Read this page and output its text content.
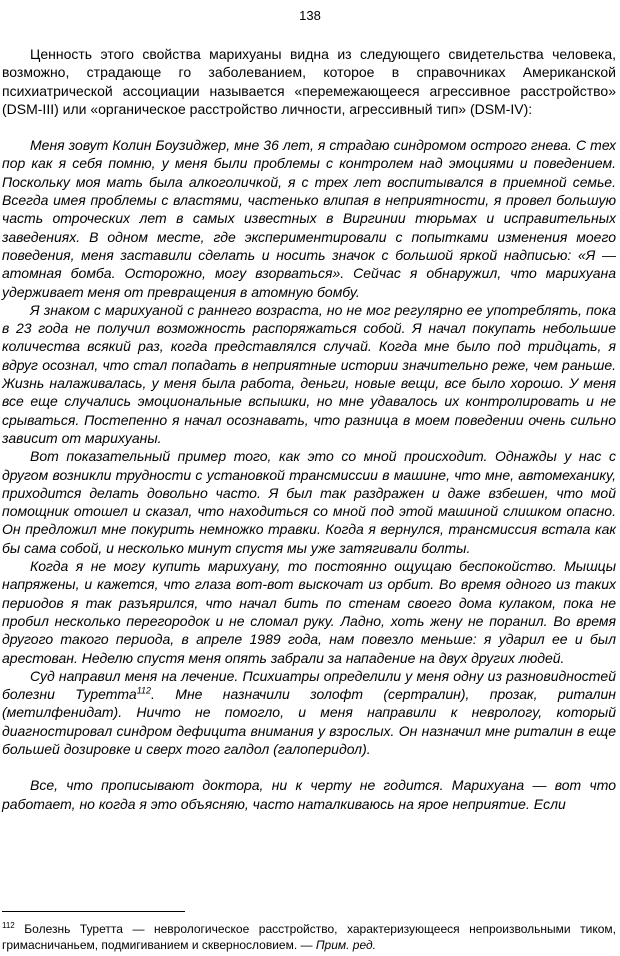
138

Ценность этого свойства марихуаны видна из следующего свидетельства человека, возможно, страдающе го заболеванием, которое в справочниках Американской психиатрической ассоциации называется «перемежающееся агрессивное расстройство» (DSM-III) или «органическое расстройство личности, агрессивный тип» (DSM-IV):

Меня зовут Колин Боузиджер, мне 36 лет, я страдаю синдромом острого гнева. С тех пор как я себя помню, у меня были проблемы с контролем над эмоциями и поведением. Поскольку моя мать была алкоголичкой, я с трех лет воспитывался в приемной семье. Всегда имея проблемы с властями, частенько влипая в неприятности, я провел большую часть отроческих лет в самых известных в Виргинии тюрьмах и исправительных заведениях. В одном месте, где экспериментировали с попытками изменения моего поведения, меня заставили сделать и носить значок с большой яркой надписью: «Я — атомная бомба. Осторожно, могу взорваться». Сейчас я обнаружил, что марихуана удерживает меня от превращения в атомную бомбу.

Я знаком с марихуаной с раннего возраста, но не мог регулярно ее употреблять, пока в 23 года не получил возможность распоряжаться собой. Я начал покупать небольшие количества всякий раз, когда представлялся случай. Когда мне было под тридцать, я вдруг осознал, что стал попадать в неприятные истории значительно реже, чем раньше. Жизнь налаживалась, у меня была работа, деньги, новые вещи, все было хорошо. У меня все еще случались эмоциональные вспышки, но мне удавалось их контролировать и не срываться. Постепенно я начал осознавать, что разница в моем поведении очень сильно зависит от марихуаны.

Вот показательный пример того, как это со мной происходит. Однажды у нас с другом возникли трудности с установкой трансмиссии в машине, что мне, автомеханику, приходится делать довольно часто. Я был так раздражен и даже взбешен, что мой помощник отошел и сказал, что находиться со мной под этой машиной слишком опасно. Он предложил мне покурить немножко травки. Когда я вернулся, трансмиссия встала как бы сама собой, и несколько минут спустя мы уже затягивали болты.

Когда я не могу купить марихуану, то постоянно ощущаю беспокойство. Мышцы напряжены, и кажется, что глаза вот-вот выскочат из орбит. Во время одного из таких периодов я так разъярился, что начал бить по стенам своего дома кулаком, пока не пробил несколько перегородок и не сломал руку. Ладно, хоть жену не поранил. Во время другого такого периода, в апреле 1989 года, нам повезло меньше: я ударил ее и был арестован. Неделю спустя меня опять забрали за нападение на двух других людей.

Суд направил меня на лечение. Психиатры определили у меня одну из разновидностей болезни Туретта$^{112}$. Мне назначили золофт (сертралин), прозак, риталин (метилфенидат). Ничто не помогло, и меня направили к неврологу, который диагностировал синдром дефицита внимания у взрослых. Он назначил мне риталин в еще большей дозировке и сверх того галдол (галоперидол).

Все, что прописывают доктора, ни к черту не годится. Марихуана — вот что работает, но когда я это объясняю, часто наталкиваюсь на ярое неприятие. Если

$^{112}$ Болезнь Туретта — неврологическое расстройство, характеризующееся непроизвольными тиком, гримасничаньем, подмигиванием и сквернословием. — Прим. ред.
